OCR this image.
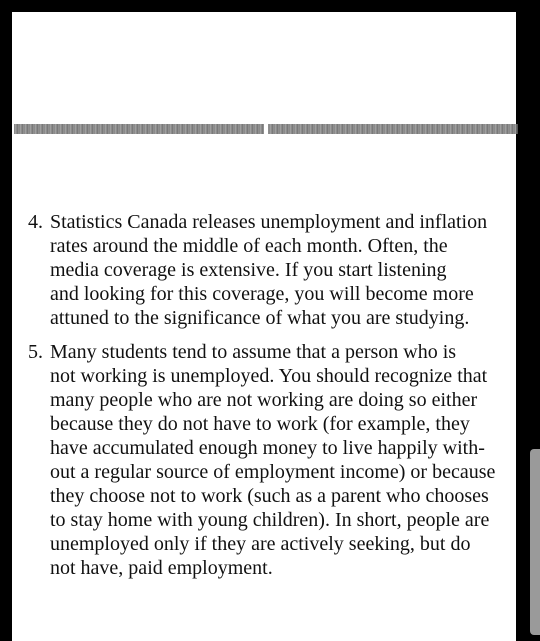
4. Statistics Canada releases unemployment and inflation
rates around the middle of each month. Often, the
media coverage is extensive. If you start listening
and looking for this coverage, you will become more
attuned to the significance of what you are studying.
5. Many students tend to assume that a person who is
not working is unemployed. You should recognize that
many people who are not working are doing so either
because they do not have to work (for example, they
have accumulated enough money to live happily with-
out a regular source of employment income) or because
they choose not to work (such as a parent who chooses
to stay home with young children). In short, people are
unemployed only if they are actively seeking, but do
not have, paid employment.
